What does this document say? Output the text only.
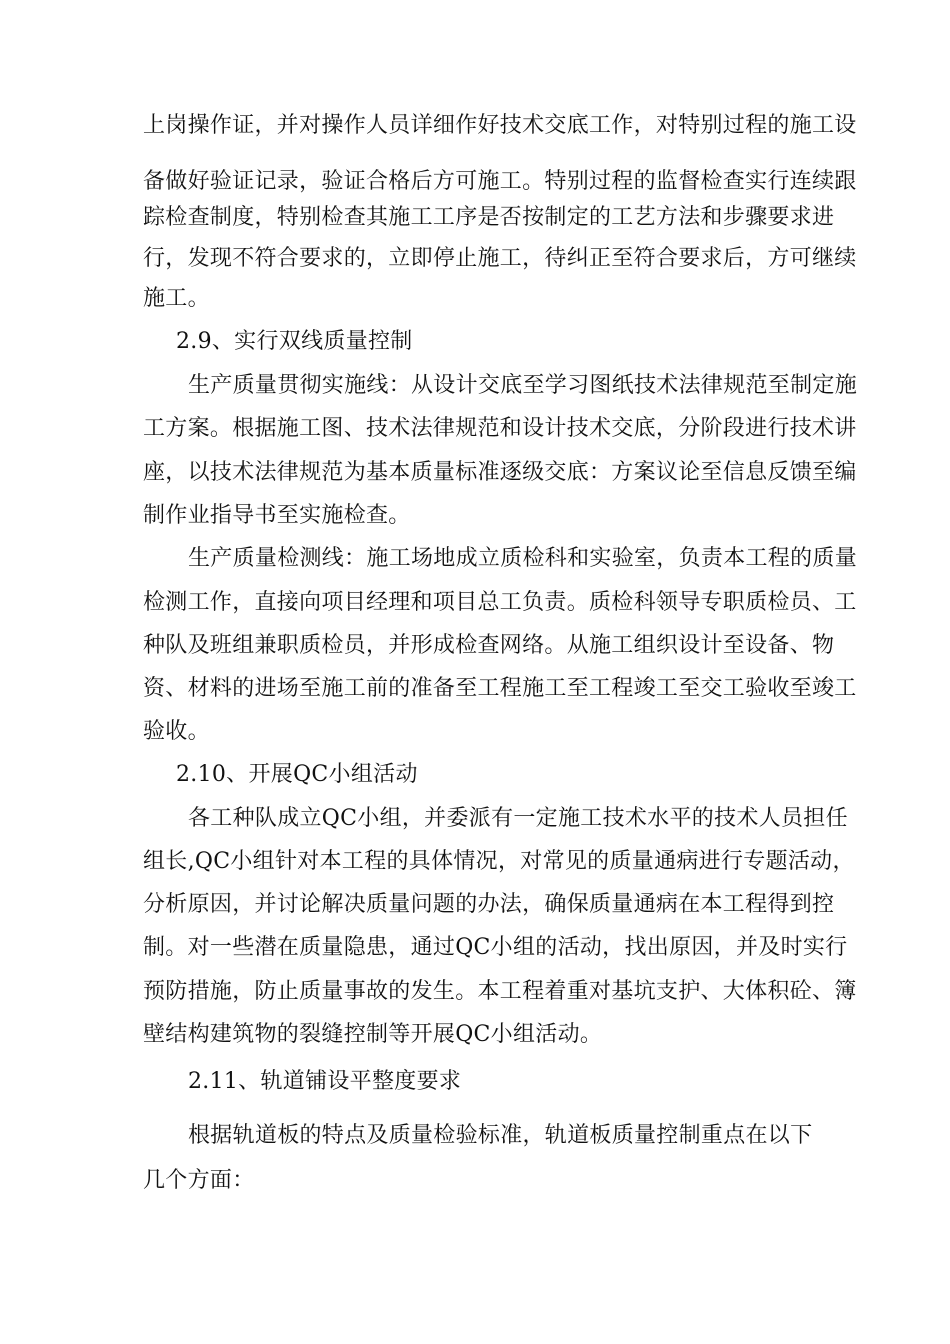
上岗操作证，并对操作人员详细作好技术交底工作，对特别过程的施工设
备做好验证记录，验证合格后方可施工。特别过程的监督检查实行连续跟
踪检查制度，特别检查其施工工序是否按制定的工艺方法和步骤要求进
行，发现不符合要求的，立即停止施工，待纠正至符合要求后，方可继续
施工。
2.9、实行双线质量控制
生产质量贯彻实施线：从设计交底至学习图纸技术法律规范至制定施
工方案。根据施工图、技术法律规范和设计技术交底，分阶段进行技术讲
座，以技术法律规范为基本质量标准逐级交底：方案议论至信息反馈至编
制作业指导书至实施检查。
生产质量检测线：施工场地成立质检科和实验室，负责本工程的质量
检测工作，直接向项目经理和项目总工负责。质检科领导专职质检员、工
种队及班组兼职质检员，并形成检查网络。从施工组织设计至设备、物
资、材料的进场至施工前的准备至工程施工至工程竣工至交工验收至竣工
验收。
2.10、开展QC小组活动
各工种队成立QC小组，并委派有一定施工技术水平的技术人员担任
组长,QC小组针对本工程的具体情况，对常见的质量通病进行专题活动，
分析原因，并讨论解决质量问题的办法，确保质量通病在本工程得到控
制。对一些潜在质量隐患，通过QC小组的活动，找出原因，并及时实行
预防措施，防止质量事故的发生。本工程着重对基坑支护、大体积砼、簿
壁结构建筑物的裂缝控制等开展QC小组活动。
2.11、轨道铺设平整度要求
根据轨道板的特点及质量检验标准，轨道板质量控制重点在以下
几个方面：
